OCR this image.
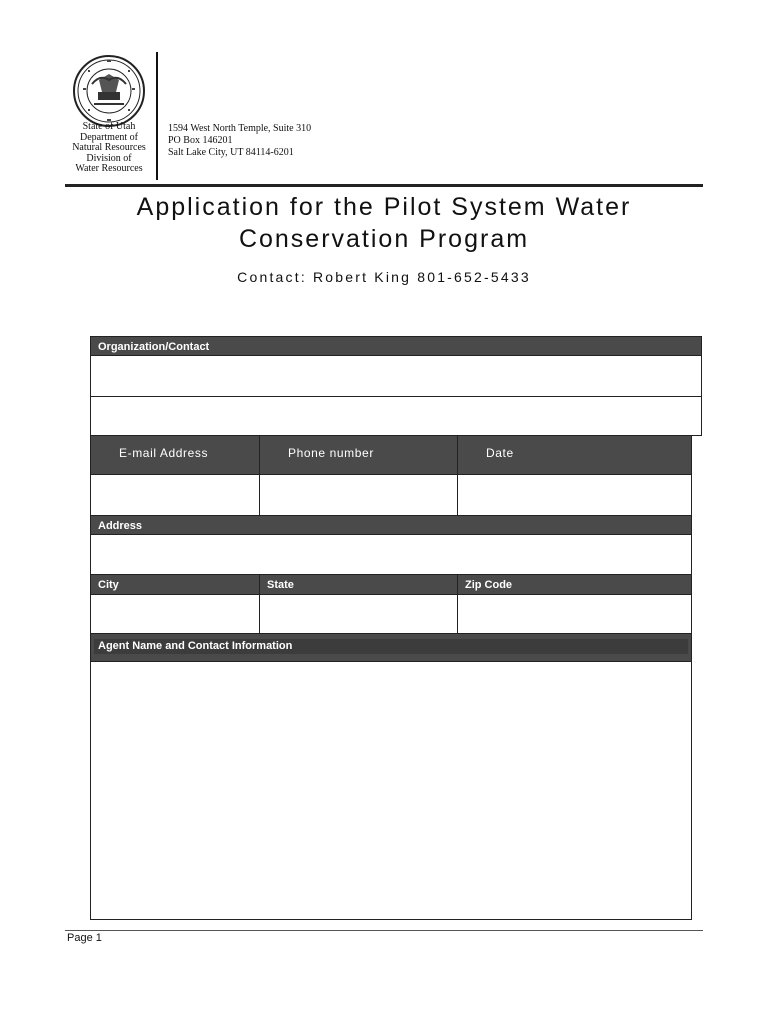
State of Utah
Department of
Natural Resources
Division of
Water Resources
1594 West North Temple, Suite 310
PO Box 146201
Salt Lake City, UT 84114-6201
Application for the Pilot System Water
Conservation Program
Contact: Robert King 801-652-5433
Organization/Contact
E-mail Address	Phone number	Date
Address
City	State	Zip Code
Agent Name and Contact Information
Page 1
